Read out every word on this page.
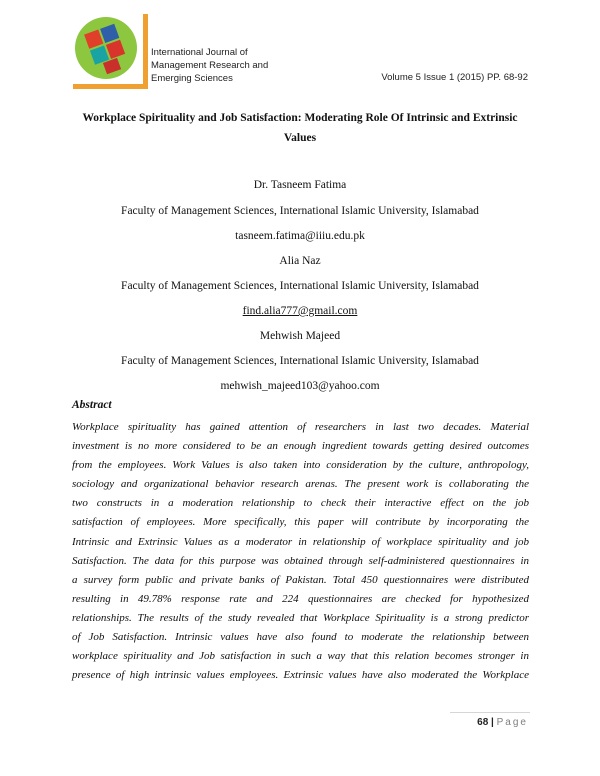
International Journal of
Management Research and
Emerging Sciences	Volume 5 Issue 1 (2015) PP. 68-92
Workplace Spirituality and Job Satisfaction: Moderating Role Of Intrinsic and Extrinsic
Values
Dr. Tasneem Fatima
Faculty of Management Sciences, International Islamic University, Islamabad
tasneem.fatima@iiiu.edu.pk
Alia Naz
Faculty of Management Sciences, International Islamic University, Islamabad
find.alia777@gmail.com
Mehwish Majeed
Faculty of Management Sciences, International Islamic University, Islamabad
mehwish_majeed103@yahoo.com
Abstract
Workplace spirituality has gained attention of researchers in last two decades. Material
investment is no more considered to be an enough ingredient towards getting desired outcomes
from the employees. Work Values is also taken into consideration by the culture, anthropology,
sociology and organizational behavior research arenas. The present work is collaborating the
two constructs in a moderation relationship to check their interactive effect on the job
satisfaction of employees. More specifically, this paper will contribute by incorporating the
Intrinsic and Extrinsic Values as a moderator in relationship of workplace spirituality and job
Satisfaction. The data for this purpose was obtained through self-administered questionnaires in
a survey form public and private banks of Pakistan. Total 450 questionnaires were distributed
resulting in 49.78% response rate and 224 questionnaires are checked for hypothesized
relationships. The results of the study revealed that Workplace Spirituality is a strong predictor
of Job Satisfaction. Intrinsic values have also found to moderate the relationship between
workplace spirituality and Job satisfaction in such a way that this relation becomes stronger in
presence of high intrinsic values employees. Extrinsic values have also moderated the Workplace
68 | Page
